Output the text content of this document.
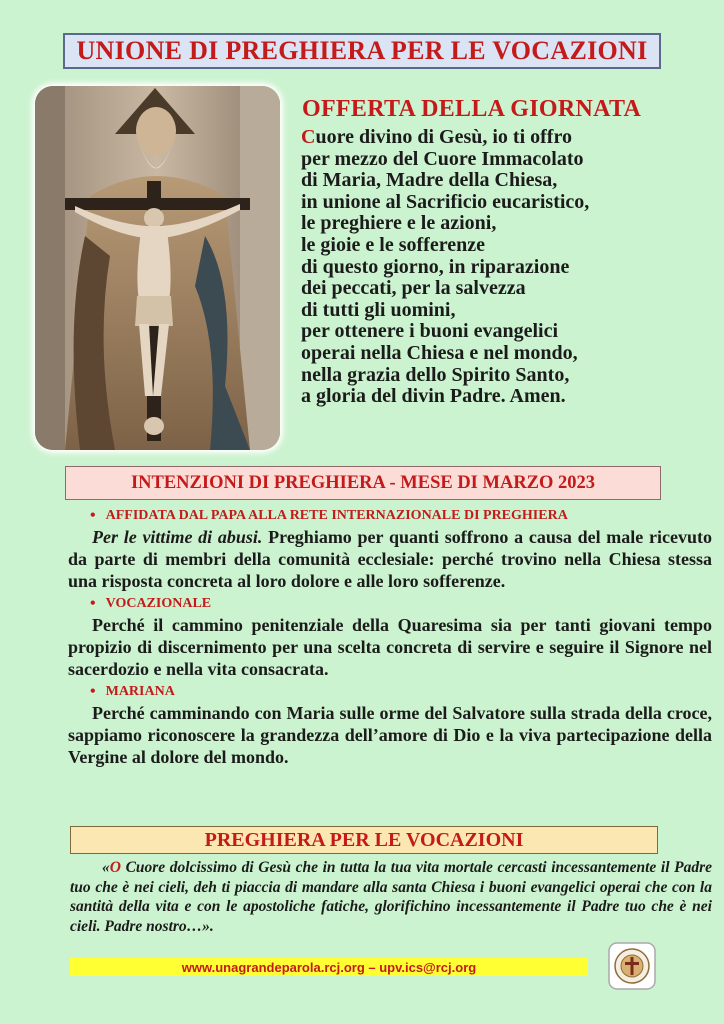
UNIONE DI PREGHIERA PER LE VOCAZIONI
OFFERTA DELLA GIORNATA
Cuore divino di Gesù, io ti offro
per mezzo del Cuore Immacolato
di Maria, Madre della Chiesa,
in unione al Sacrificio eucaristico,
le preghiere e le azioni,
le gioie e le sofferenze
di questo giorno, in riparazione
dei peccati, per la salvezza
di tutti gli uomini,
per ottenere i buoni evangelici
operai nella Chiesa e nel mondo,
nella grazia dello Spirito Santo,
a gloria del divin Padre. Amen.
INTENZIONI DI PREGHIERA - MESE DI MARZO 2023
• AFFIDATA DAL PAPA ALLA RETE INTERNAZIONALE DI PREGHIERA

Per le vittime di abusi. Preghiamo per quanti soffrono a causa del male ricevuto da parte di membri della comunità ecclesiale: perché trovino nella Chiesa stessa una risposta concreta al loro dolore e alle loro sofferenze.

• VOCAZIONALE

Perché il cammino penitenziale della Quaresima sia per tanti giovani tempo propizio di discernimento per una scelta concreta di servire e seguire il Signore nel sacerdozio e nella vita consacrata.

• MARIANA

Perché camminando con Maria sulle orme del Salvatore sulla strada della croce, sappiamo riconoscere la grandezza dell’amore di Dio e la viva partecipazione della Vergine al dolore del mondo.

PREGHIERA PER LE VOCAZIONI
«O Cuore dolcissimo di Gesù che in tutta la tua vita mortale cercasti incessantemente il Padre tuo che è nei cieli, deh ti piaccia di mandare alla santa Chiesa i buoni evangelici operai che con la santità della vita e con le apostoliche fatiche, glorifichino incessantemente il Padre tuo che è nei cieli. Padre nostro…».
www.unagrandeparola.rcj.org – upv.ics@rcj.org
